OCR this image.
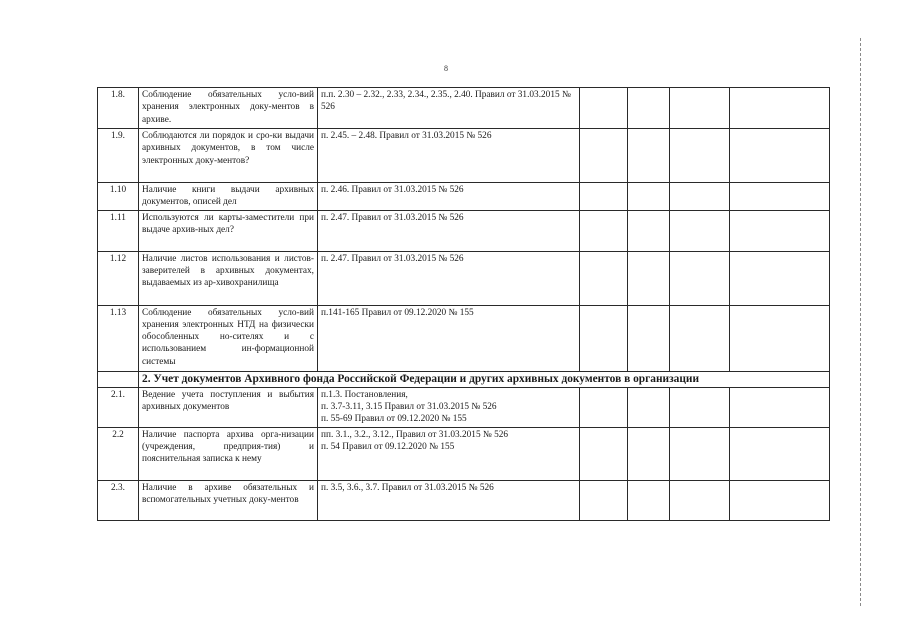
8
1.8.	Соблюдение обязательных усло-вий хранения электронных доку-ментов в архиве.	п.п. 2.30 – 2.32., 2.33, 2.34., 2.35., 2.40. Правил от 31.03.2015 № 526				

1.9.	Соблюдаются ли порядок и сро-ки выдачи архивных документов, в том числе электронных доку-ментов?	п. 2.45. – 2.48. Правил от 31.03.2015 № 526				

1.10	Наличие книги выдачи архивных документов, описей дел	п. 2.46. Правил от 31.03.2015 № 526				

1.11	Используются ли карты-заместители при выдаче архив-ных дел?	п. 2.47. Правил от 31.03.2015 № 526				

1.12	Наличие листов использования и листов-заверителей в архивных документах, выдаваемых из ар-хивохранилища	п. 2.47. Правил от 31.03.2015 № 526				

1.13	Соблюдение обязательных усло-вий хранения электронных НТД на физически обособленных но-сителях и с использованием ин-формационной системы	п.141-165 Правил от 09.12.2020 № 155				

	2. Учет документов Архивного фонда Российской Федерации и других архивных документов в организации					
2.1.	Ведение учета поступления и выбытия архивных документов	п.1.3. Постановления,
п. 3.7-3.11, 3.15 Правил от 31.03.2015 № 526
п. 55-69 Правил от 09.12.2020 № 155				

2.2	Наличие паспорта архива орга-низации (учреждения, предприя-тия) и пояснительная записка к нему	пп. 3.1., 3.2., 3.12., Правил от 31.03.2015 № 526
п. 54 Правил от 09.12.2020 № 155				

2.3.	Наличие в архиве обязательных и вспомогательных учетных доку-ментов	п. 3.5, 3.6., 3.7. Правил от 31.03.2015 № 526				
